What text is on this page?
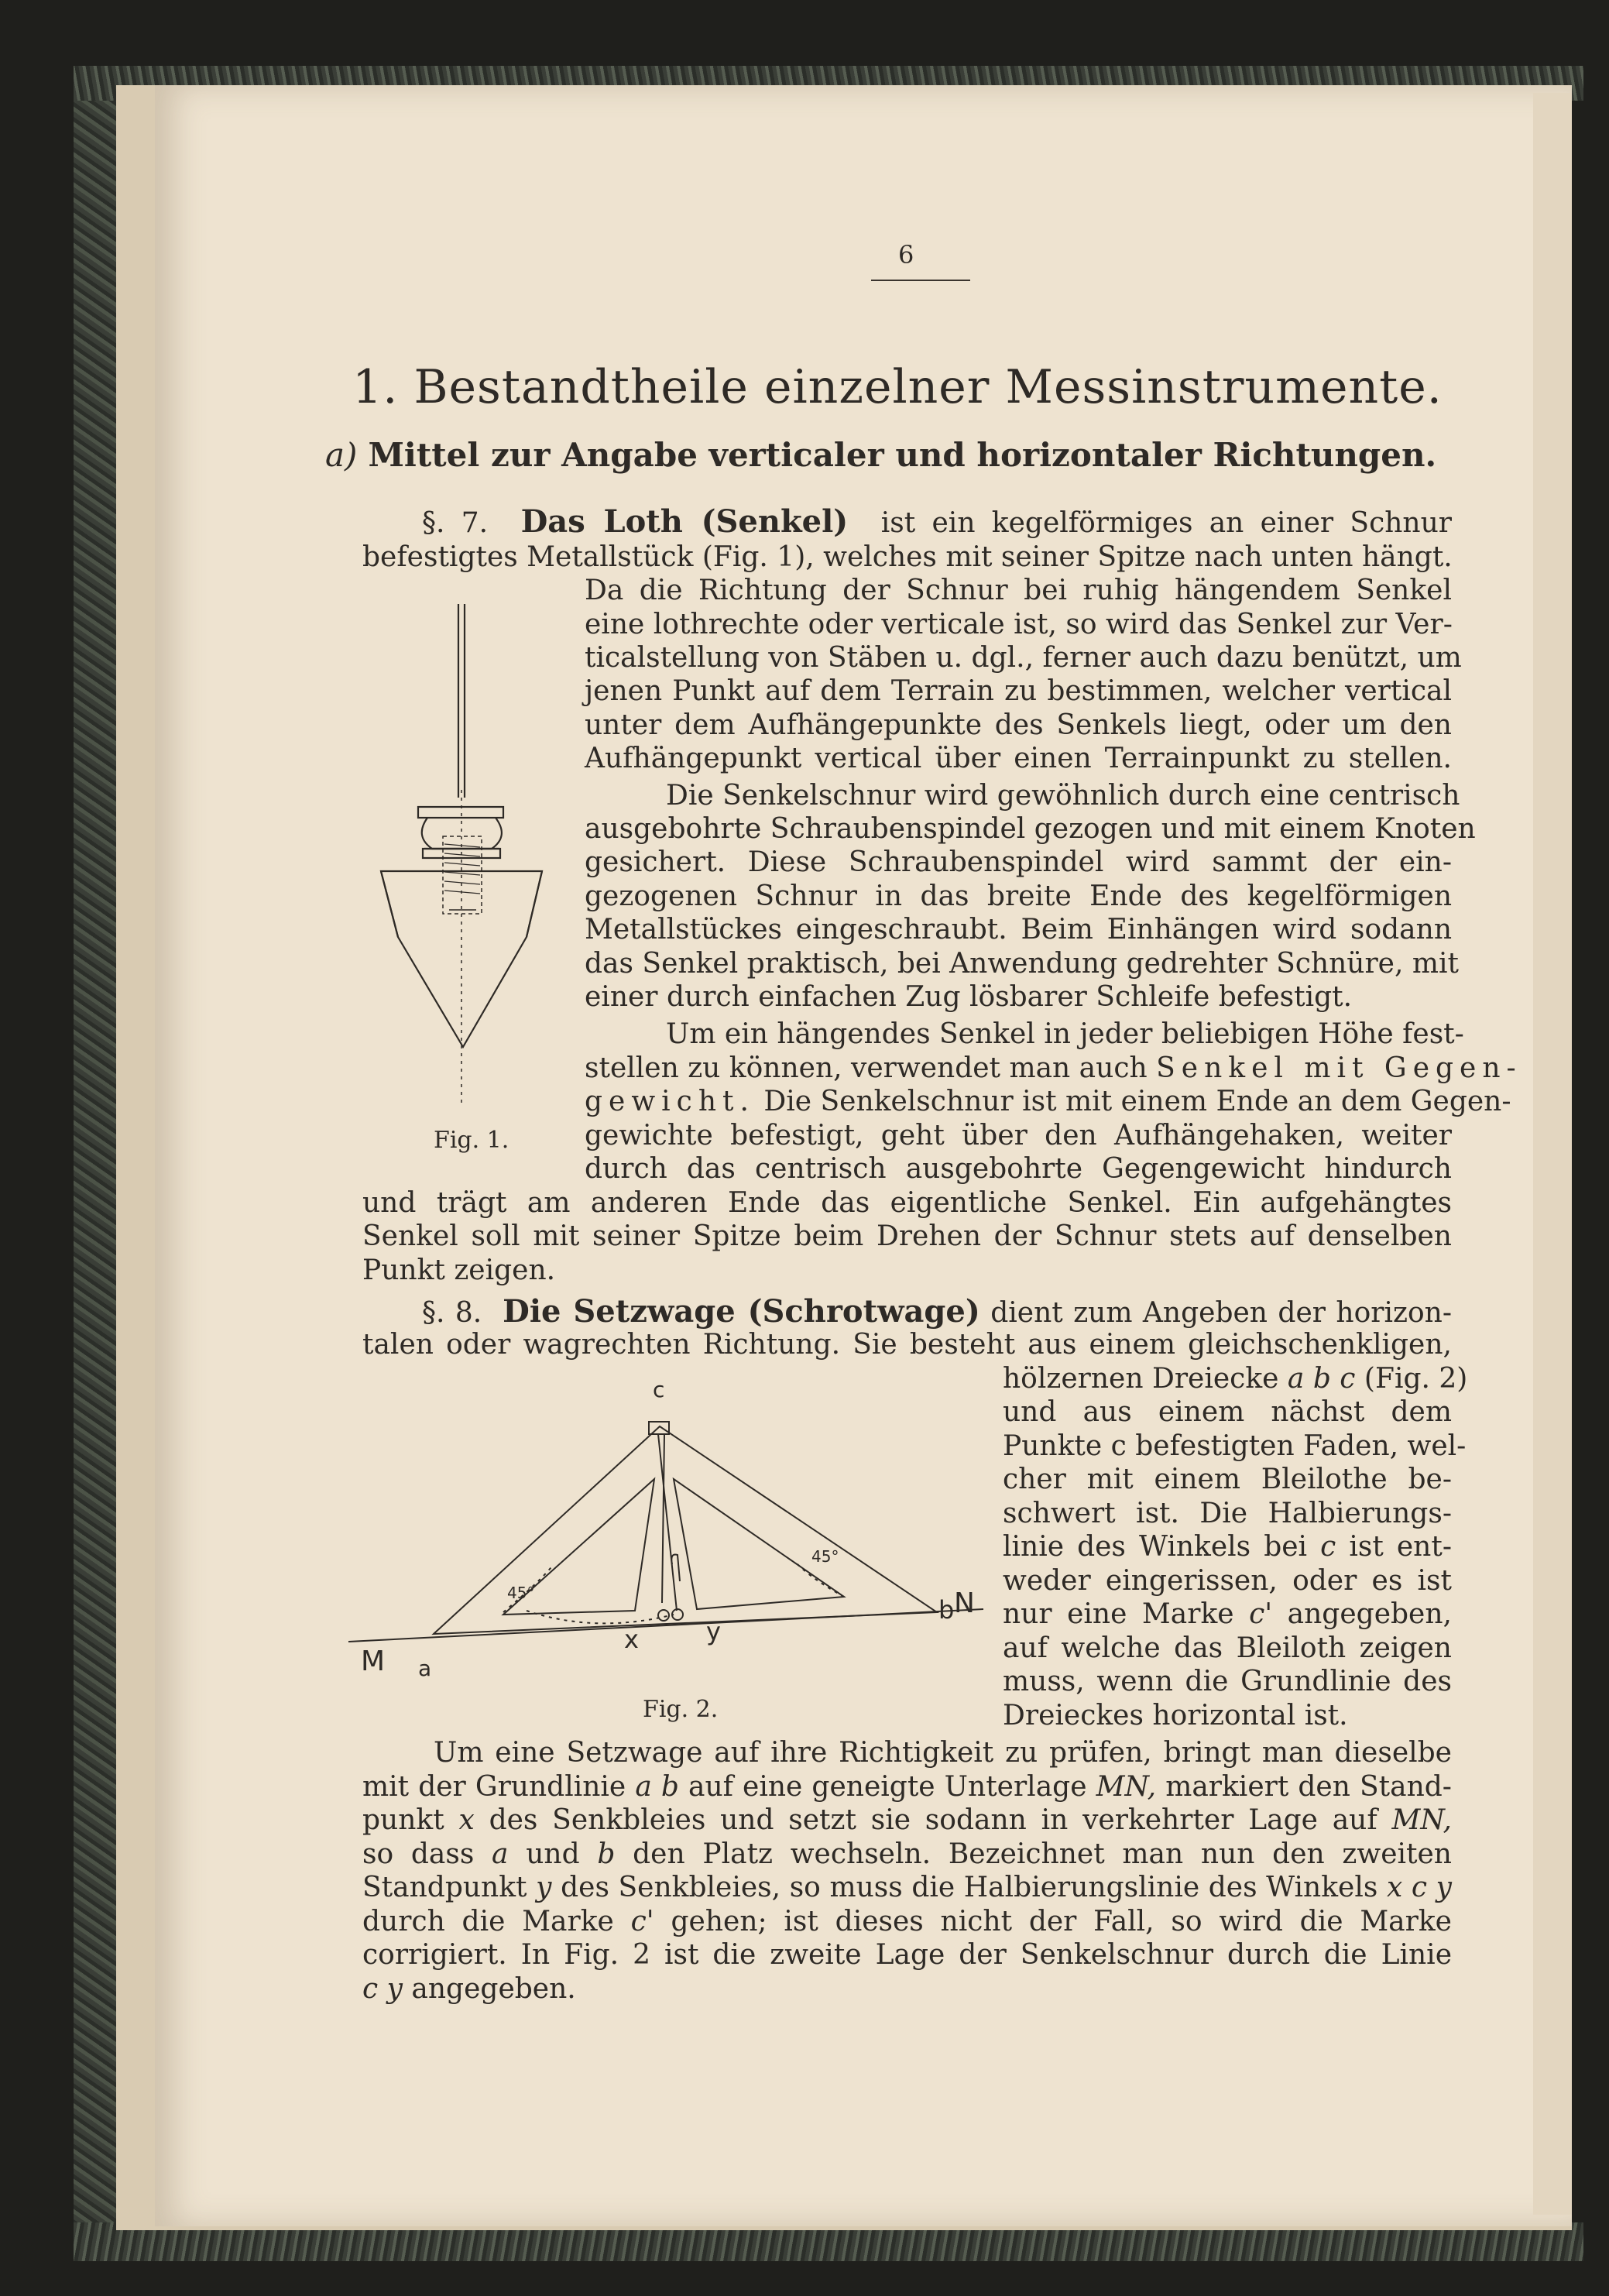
6
1. Bestandtheile einzelner Messinstrumente.
a) Mittel zur Angabe verticaler und horizontaler Richtungen.
§. 7. Das Loth (Senkel) ist ein kegelförmiges an einer Schnur
befestigtes Metallstück (Fig. 1), welches mit seiner Spitze nach unten hängt.
Da die Richtung der Schnur bei ruhig hängendem Senkel
eine lothrechte oder verticale ist, so wird das Senkel zur Ver-
ticalstellung von Stäben u. dgl., ferner auch dazu benützt, um
jenen Punkt auf dem Terrain zu bestimmen, welcher vertical
unter dem Aufhängepunkte des Senkels liegt, oder um den
Aufhängepunkt vertical über einen Terrainpunkt zu stellen.
Die Senkelschnur wird gewöhnlich durch eine centrisch
ausgebohrte Schraubenspindel gezogen und mit einem Knoten
gesichert. Diese Schraubenspindel wird sammt der ein-
gezogenen Schnur in das breite Ende des kegelförmigen
Metallstückes eingeschraubt. Beim Einhängen wird sodann
das Senkel praktisch, bei Anwendung gedrehter Schnüre, mit
einer durch einfachen Zug lösbarer Schleife befestigt.
Um ein hängendes Senkel in jeder beliebigen Höhe fest-
stellen zu können, verwendet man auch Senkel mit Gegen-
gewicht. Die Senkelschnur ist mit einem Ende an dem Gegen-
gewichte befestigt, geht über den Aufhängehaken, weiter
durch das centrisch ausgebohrte Gegengewicht hindurch
und trägt am anderen Ende das eigentliche Senkel. Ein aufgehängtes
Senkel soll mit seiner Spitze beim Drehen der Schnur stets auf denselben
Punkt zeigen.
Fig. 1.
§. 8. Die Setzwage (Schrotwage) dient zum Angeben der horizon-
talen oder wagrechten Richtung. Sie besteht aus einem gleichschenkligen,
hölzernen Dreiecke a b c (Fig. 2)
und aus einem nächst dem
Punkte c befestigten Faden, wel-
cher mit einem Bleilothe be-
schwert ist. Die Halbierungs-
linie des Winkels bei c ist ent-
weder eingerissen, oder es ist
nur eine Marke c' angegeben,
auf welche das Bleiloth zeigen
muss, wenn die Grundlinie des
Dreieckes horizontal ist.
Um eine Setzwage auf ihre Richtigkeit zu prüfen, bringt man dieselbe
mit der Grundlinie a b auf eine geneigte Unterlage MN, markiert den Stand-
punkt x des Senkbleies und setzt sie sodann in verkehrter Lage auf MN,
so dass a und b den Platz wechseln. Bezeichnet man nun den zweiten
Standpunkt y des Senkbleies, so muss die Halbierungslinie des Winkels x c y
durch die Marke c' gehen; ist dieses nicht der Fall, so wird die Marke
corrigiert. In Fig. 2 ist die zweite Lage der Senkelschnur durch die Linie
c y angegeben.
Fig. 2.
c
M
N
a
b
x	y
45°
45°
